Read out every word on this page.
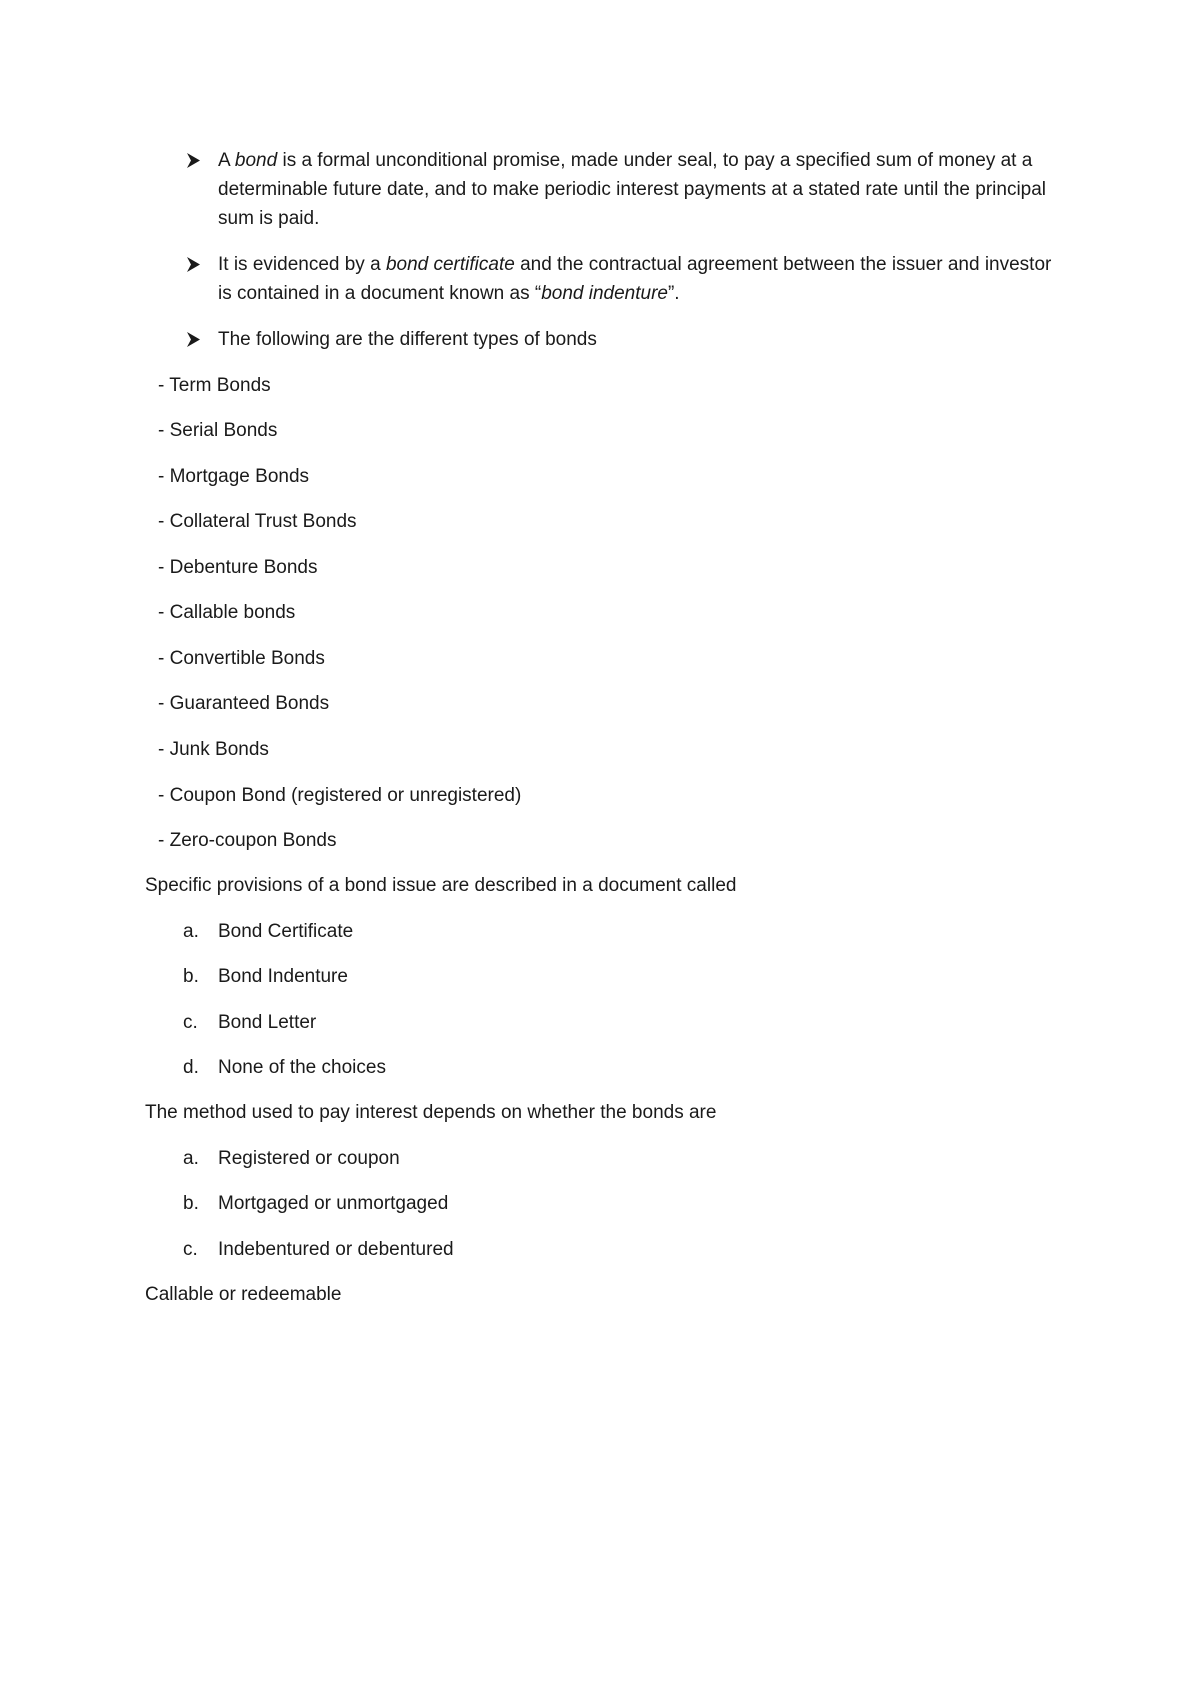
A bond is a formal unconditional promise, made under seal, to pay a specified sum of money at a determinable future date, and to make periodic interest payments at a stated rate until the principal sum is paid.
It is evidenced by a bond certificate and the contractual agreement between the issuer and investor is contained in a document known as “bond indenture”.
The following are the different types of bonds
- Term Bonds
- Serial Bonds
- Mortgage Bonds
- Collateral Trust Bonds
- Debenture Bonds
- Callable bonds
- Convertible Bonds
- Guaranteed Bonds
- Junk Bonds
- Coupon Bond (registered or unregistered)
- Zero-coupon Bonds
Specific provisions of a bond issue are described in a document called
a. Bond Certificate
b. Bond Indenture
c. Bond Letter
d. None of the choices
The method used to pay interest depends on whether the bonds are
a. Registered or coupon
b. Mortgaged or unmortgaged
c. Indebentured or debentured
Callable or redeemable
